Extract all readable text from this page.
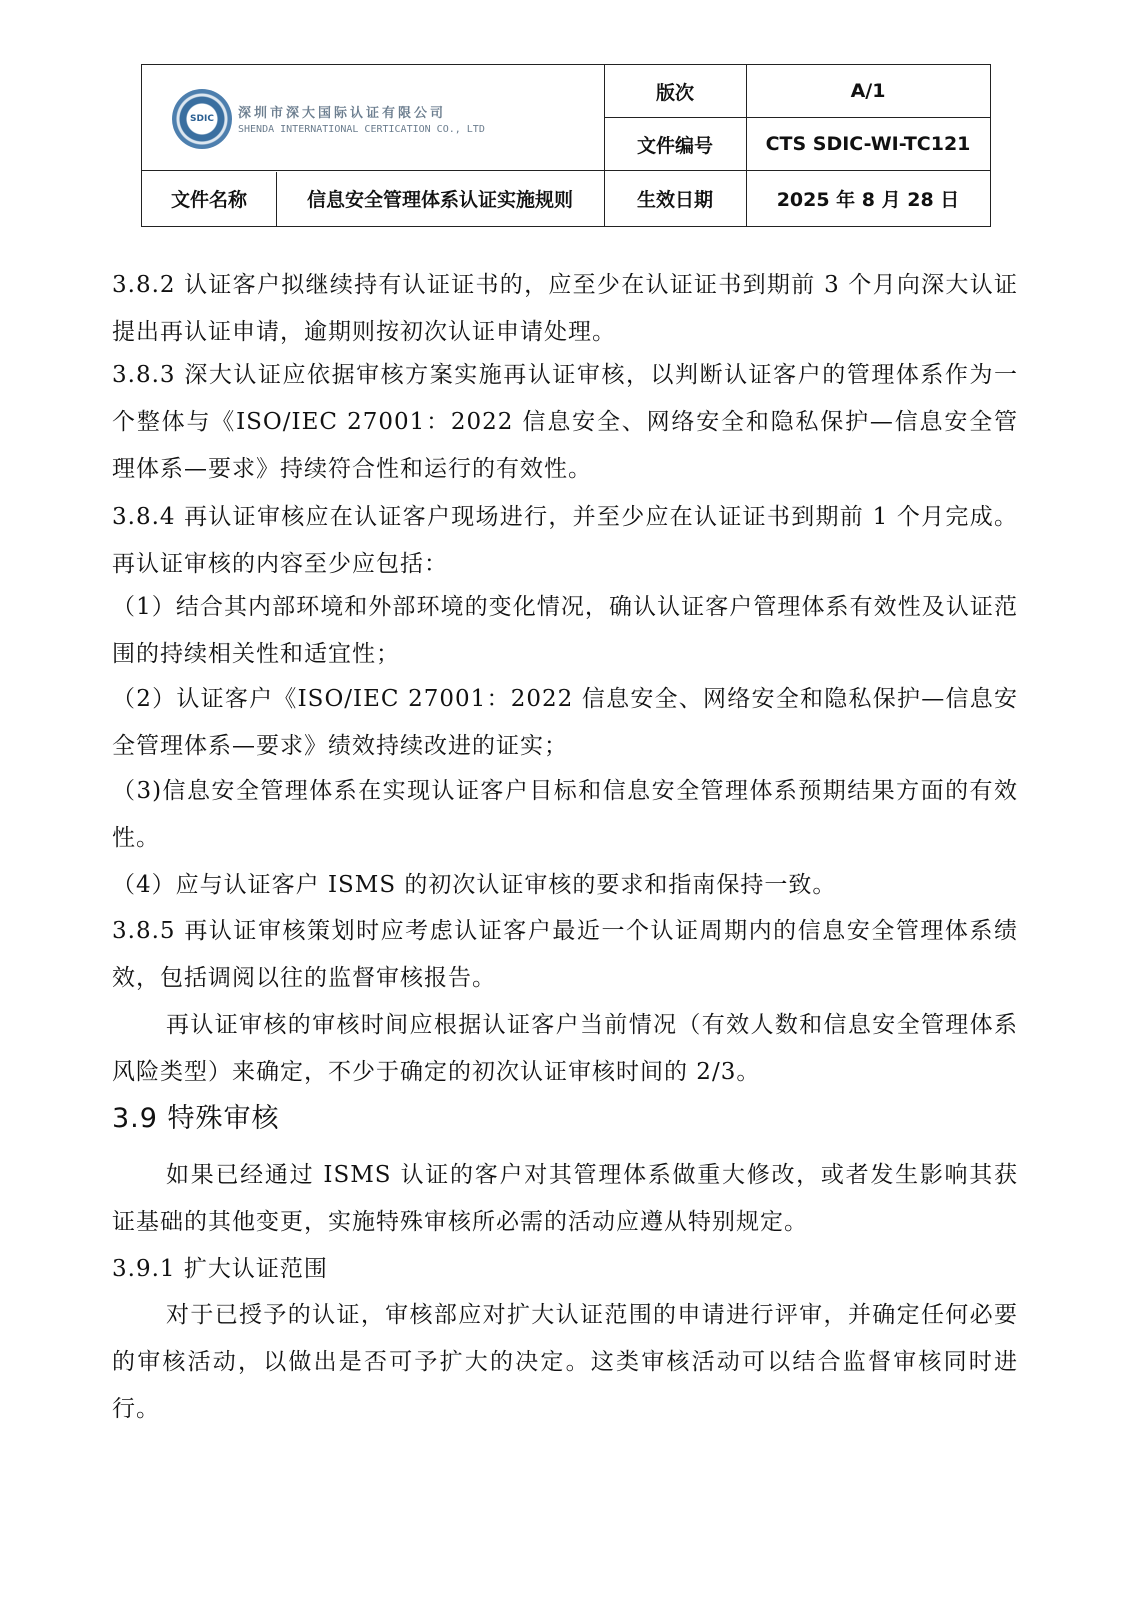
SDIC 深圳市深大国际认证有限公司
SHENDA INTERNATIONAL CERTICATION CO., LTD
版次	A/1
文件编号	CTS SDIC-WI-TC121
文件名称	信息安全管理体系认证实施规则	生效日期	2025 年 8 月 28 日

3.8.2 认证客户拟继续持有认证证书的，应至少在认证证书到期前 3 个月向深大认证提出再认证申请，逾期则按初次认证申请处理。

3.8.3 深大认证应依据审核方案实施再认证审核，以判断认证客户的管理体系作为一个整体与《ISO/IEC 27001：2022 信息安全、网络安全和隐私保护—信息安全管理体系—要求》持续符合性和运行的有效性。

3.8.4 再认证审核应在认证客户现场进行，并至少应在认证证书到期前 1 个月完成。再认证审核的内容至少应包括：

（1）结合其内部环境和外部环境的变化情况，确认认证客户管理体系有效性及认证范围的持续相关性和适宜性；

（2）认证客户《ISO/IEC 27001：2022 信息安全、网络安全和隐私保护—信息安全管理体系—要求》绩效持续改进的证实；

（3)信息安全管理体系在实现认证客户目标和信息安全管理体系预期结果方面的有效性。

（4）应与认证客户 ISMS 的初次认证审核的要求和指南保持一致。

3.8.5 再认证审核策划时应考虑认证客户最近一个认证周期内的信息安全管理体系绩效，包括调阅以往的监督审核报告。

再认证审核的审核时间应根据认证客户当前情况（有效人数和信息安全管理体系风险类型）来确定，不少于确定的初次认证审核时间的 2/3。

3.9 特殊审核

如果已经通过 ISMS 认证的客户对其管理体系做重大修改，或者发生影响其获证基础的其他变更，实施特殊审核所必需的活动应遵从特别规定。

3.9.1 扩大认证范围

对于已授予的认证，审核部应对扩大认证范围的申请进行评审，并确定任何必要的审核活动，以做出是否可予扩大的决定。这类审核活动可以结合监督审核同时进行。
